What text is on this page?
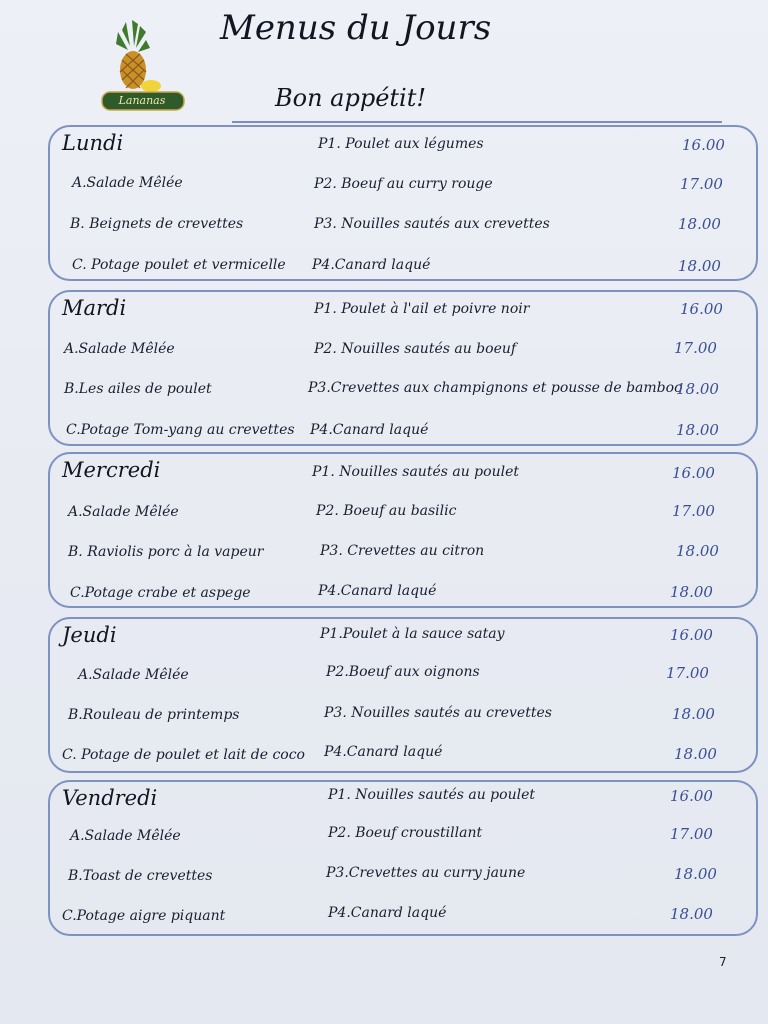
Lananas
Menus du Jours
Bon appétit!
Lundi
A.Salade Mêlée
B. Beignets de crevettes
C. Potage poulet et vermicelle
P1. Poulet aux légumes
P2. Boeuf au curry rouge
P3. Nouilles sautés aux crevettes
P4.Canard laqué
16.00
17.00
18.00
18.00
Mardi
A.Salade Mêlée
B.Les ailes de poulet
C.Potage Tom-yang au crevettes
P1. Poulet à l'ail et poivre noir
P2. Nouilles sautés au boeuf
P3.Crevettes aux champignons et pousse de bamboo
P4.Canard laqué
16.00
17.00
18.00
18.00
Mercredi
A.Salade Mêlée
B. Raviolis porc à la vapeur
C.Potage crabe et aspege
P1. Nouilles sautés au poulet
P2. Boeuf au basilic
P3. Crevettes au citron
P4.Canard laqué
16.00
17.00
18.00
18.00
Jeudi
A.Salade Mêlée
B.Rouleau de printemps
C. Potage de poulet et lait de coco
P1.Poulet à la sauce satay
P2.Boeuf aux oignons
P3. Nouilles sautés au crevettes
P4.Canard laqué
16.00
17.00
18.00
18.00
Vendredi
A.Salade Mêlée
B.Toast de crevettes
C.Potage aigre piquant
P1. Nouilles sautés au poulet
P2. Boeuf croustillant
P3.Crevettes au curry jaune
P4.Canard laqué
16.00
17.00
18.00
18.00
7
